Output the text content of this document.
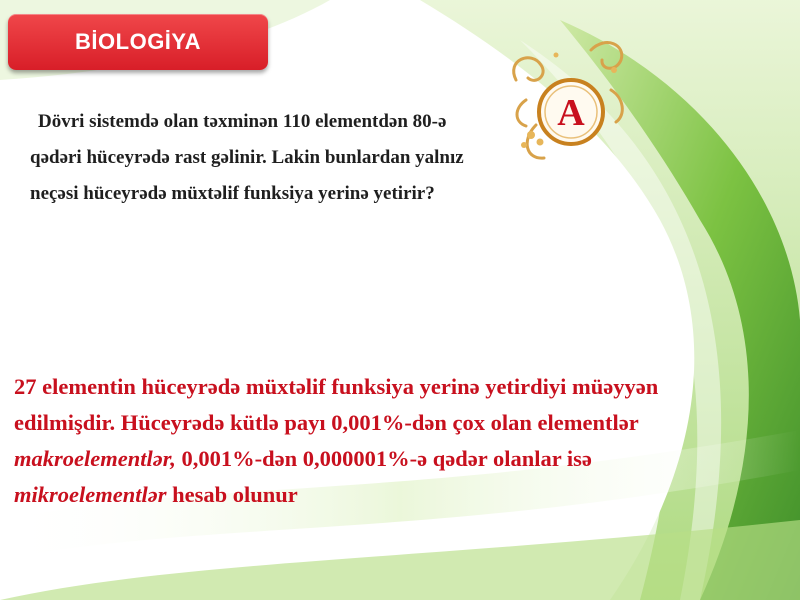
BİOLOGİYA
A
Dövri sistemdə olan təxminən 110 elementdən 80-ə qədəri hüceyrədə rast gəlinir. Lakin bunlardan yalnız neçəsi hüceyrədə müxtəlif funksiya yerinə yetirir?
27 elementin hüceyrədə müxtəlif funksiya yerinə yetirdiyi müəyyən edilmişdir. Hüceyrədə kütlə payı 0,001%-dən çox olan elementlər makroelementlər, 0,001%-dən 0,000001%-ə qədər olanlar isə mikroelementlər hesab olunur
